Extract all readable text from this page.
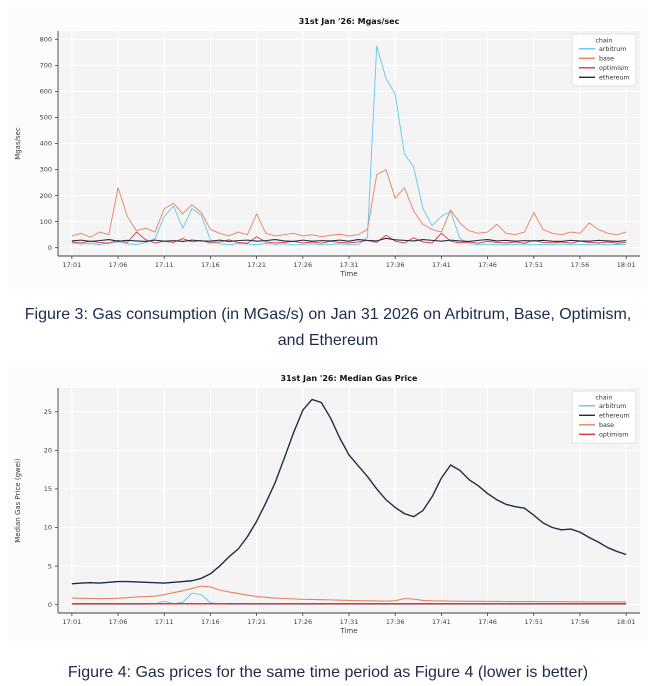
17:01	17:06	17:11	17:16	17:21	17:26	17:31	17:36	17:41	17:46	17:51	17:56	18:01
0
100
200
300
400
500
600
700
800
31st Jan '26: Mgas/sec
Time
Mgas/sec
chain
arbitrum
base
optimism
ethereum
Figure 3: Gas consumption (in MGas/s) on Jan 31 2026 on Arbitrum, Base, Optimism, and Ethereum
17:01	17:06	17:11	17:16	17:21	17:26	17:31	17:36	17:41	17:46	17:51	17:56	18:01
0
5
10
15
20
25
31st Jan '26: Median Gas Price
Time
Median Gas Price (gwei)
chain
arbitrum
ethereum
base
optimism
Figure 4: Gas prices for the same time period as Figure 4 (lower is better)
